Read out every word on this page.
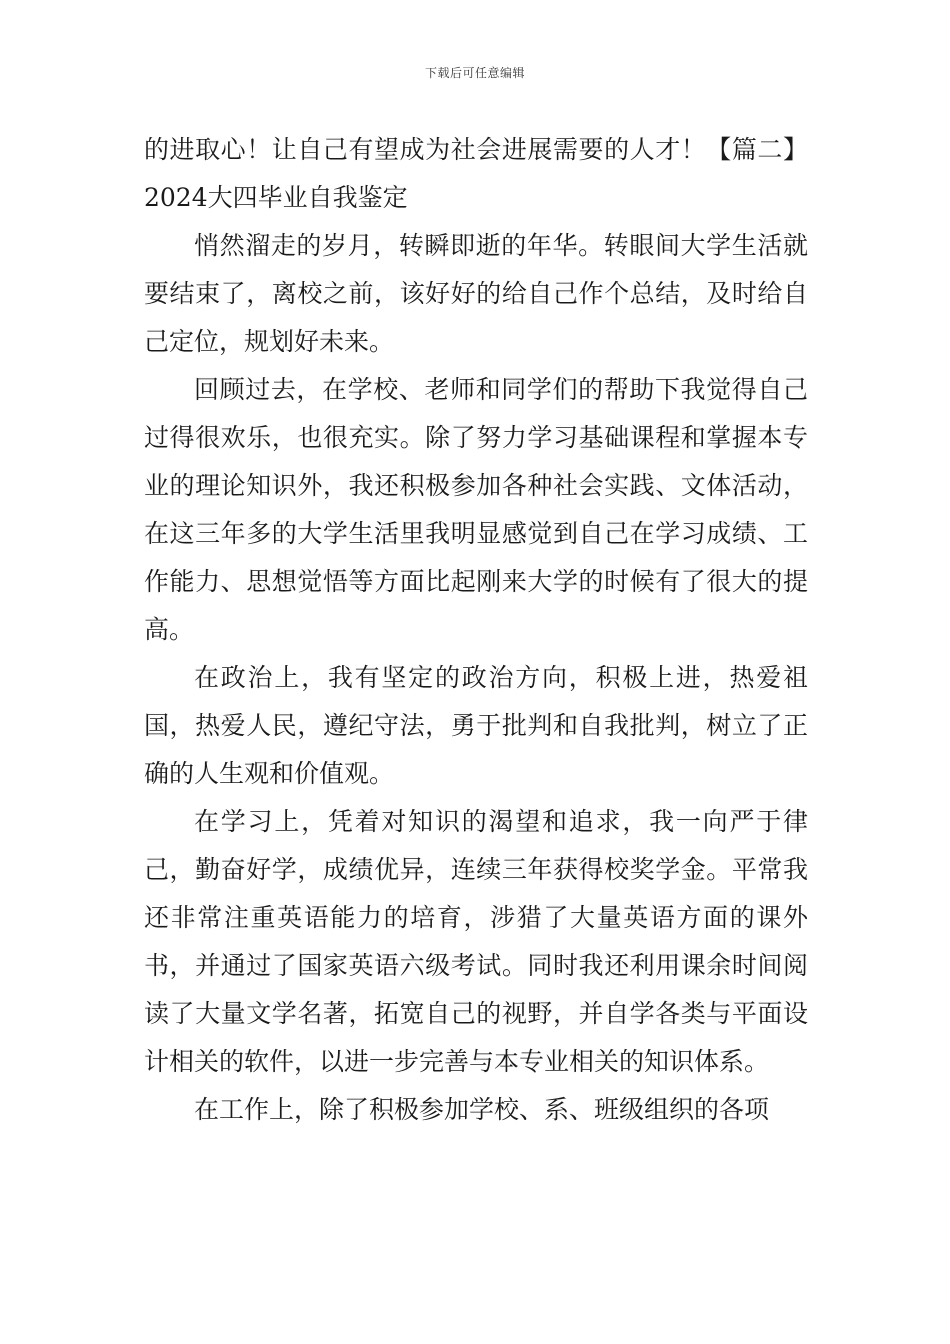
下载后可任意编辑

的进取心！让自己有望成为社会进展需要的人才！【篇二】2024大四毕业自我鉴定

悄然溜走的岁月，转瞬即逝的年华。转眼间大学生活就要结束了，离校之前，该好好的给自己作个总结，及时给自己定位，规划好未来。

回顾过去，在学校、老师和同学们的帮助下我觉得自己过得很欢乐，也很充实。除了努力学习基础课程和掌握本专业的理论知识外，我还积极参加各种社会实践、文体活动，在这三年多的大学生活里我明显感觉到自己在学习成绩、工作能力、思想觉悟等方面比起刚来大学的时候有了很大的提高。

在政治上，我有坚定的政治方向，积极上进，热爱祖国，热爱人民，遵纪守法，勇于批判和自我批判，树立了正确的人生观和价值观。

在学习上，凭着对知识的渴望和追求，我一向严于律己，勤奋好学，成绩优异，连续三年获得校奖学金。平常我还非常注重英语能力的培育，涉猎了大量英语方面的课外书，并通过了国家英语六级考试。同时我还利用课余时间阅读了大量文学名著，拓宽自己的视野，并自学各类与平面设计相关的软件，以进一步完善与本专业相关的知识体系。

在工作上，除了积极参加学校、系、班级组织的各项
